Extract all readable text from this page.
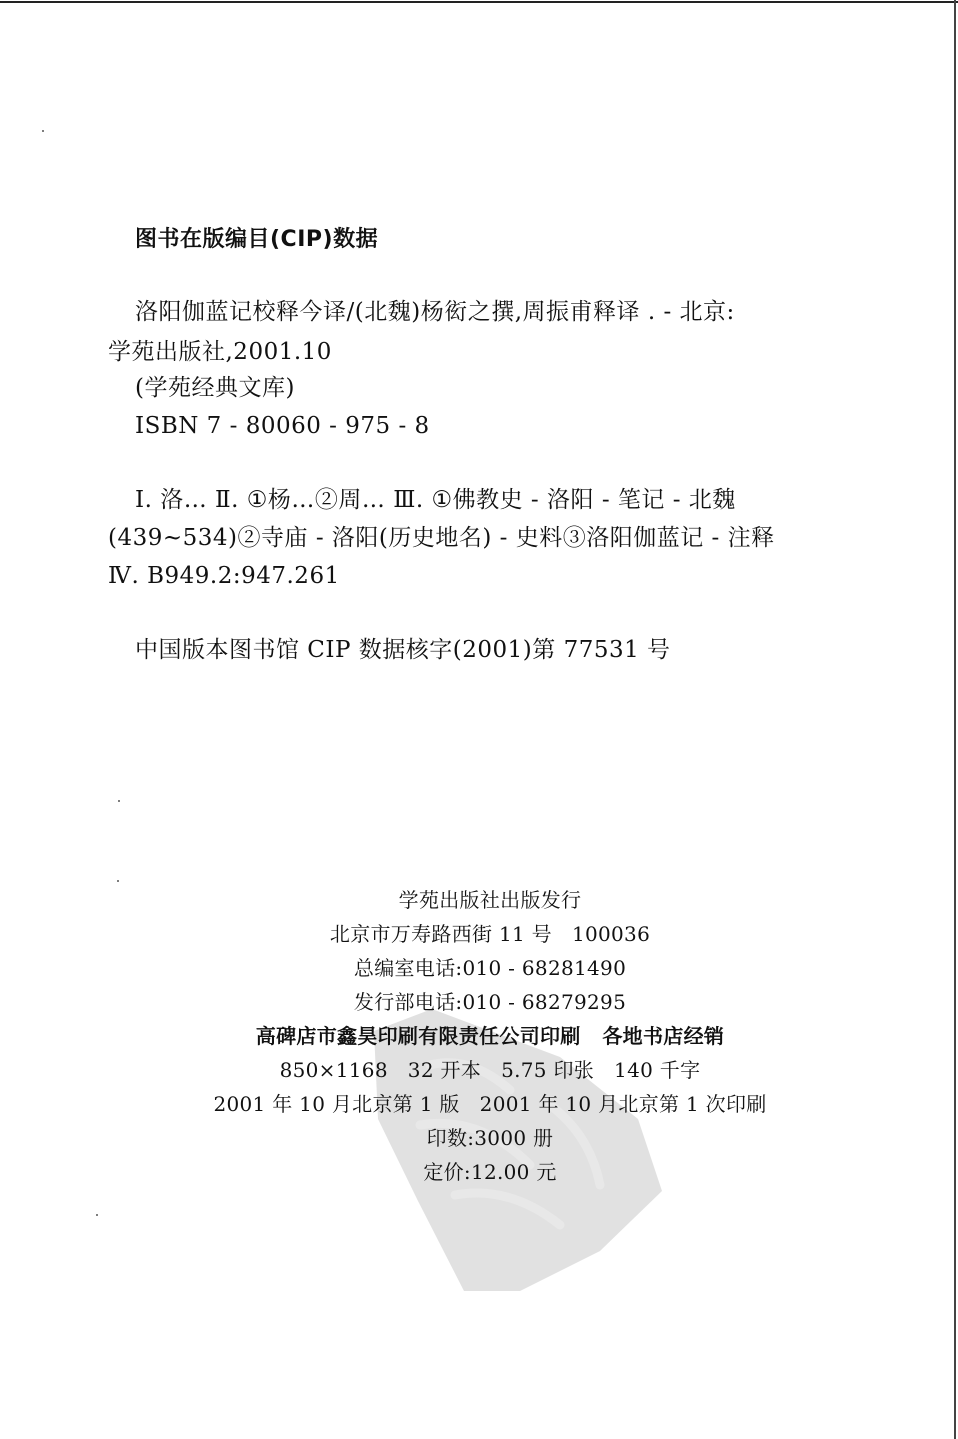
图书在版编目(CIP)数据
洛阳伽蓝记校释今译/(北魏)杨衒之撰,周振甫释译 . - 北京:
学苑出版社,2001.10
(学苑经典文库)
ISBN 7 - 80060 - 975 - 8
Ⅰ. 洛… Ⅱ. ①杨…②周… Ⅲ. ①佛教史 - 洛阳 - 笔记 - 北魏
(439~534)②寺庙 - 洛阳(历史地名) - 史料③洛阳伽蓝记 - 注释
Ⅳ. B949.2:947.261
中国版本图书馆 CIP 数据核字(2001)第 77531 号
学苑出版社出版发行
北京市万寿路西街 11 号   100036
总编室电话:010 - 68281490
发行部电话:010 - 68279295
高碑店市鑫昊印刷有限责任公司印刷   各地书店经销
850×1168   32 开本   5.75 印张   140 千字
2001 年 10 月北京第 1 版   2001 年 10 月北京第 1 次印刷
印数:3000 册
定价:12.00 元
